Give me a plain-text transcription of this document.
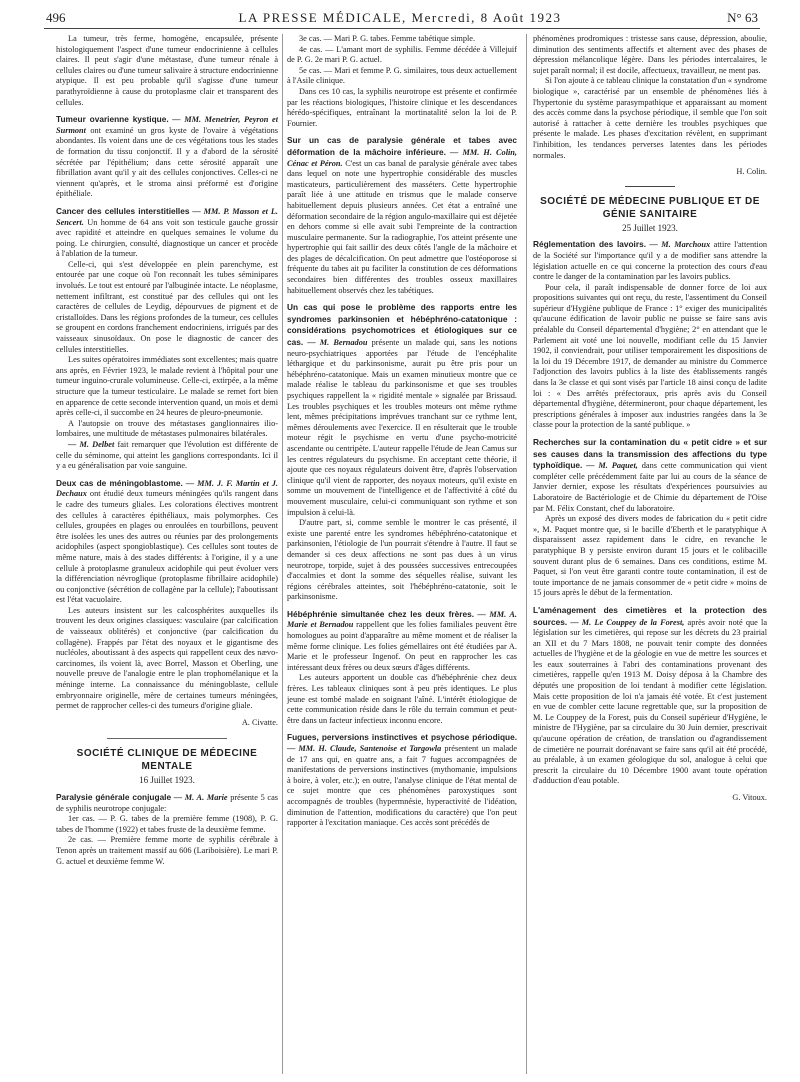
496	LA PRESSE MÉDICALE, Mercredi, 8 Août 1923	N° 63

La tumeur, très ferme, homogène, encapsulée, présente histologiquement l'aspect d'une tumeur endocrinienne à cellules claires. Il peut s'agir d'une métastase, d'une tumeur rénale à cellules claires ou d'une tumeur salivaire à structure endocrinienne atypique. Il est peu probable qu'il s'agisse d'une tumeur parathyroïdienne à cause du protoplasme clair et transparent des cellules.

Tumeur ovarienne kystique. — MM. Menetrier, Peyron et Surmont ont examiné un gros kyste de l'ovaire à végétations abondantes. Ils voient dans une de ces végétations tous les stades de formation du tissu conjonctif. Il y a d'abord de la sérosité sécrétée par l'épithélium; dans cette sérosité apparaît une fibrillation avant qu'il y ait des cellules conjonctives. Celles-ci ne viennent qu'après, et le stroma ainsi préformé est d'origine épithéliale.

Cancer des cellules interstitielles — MM. P. Masson et L. Sencert. Un homme de 64 ans voit son testicule gauche grossir avec rapidité et atteindre en quelques semaines le volume du poing. Le chirurgien, consulté, diagnostique un cancer et procède à l'ablation de la tumeur.

Celle-ci, qui s'est développée en plein parenchyme, est entourée par une coque où l'on reconnaît les tubes séminipares involués. Le tout est entouré par l'albuginée intacte. Le néoplasme, nettement infiltrant, est constitué par des cellules qui ont les caractères de cellules de Leydig, dépourvues de pigment et de cristalloïdes. Dans les régions profondes de la tumeur, ces cellules se groupent en cordons franchement endocriniens, irrigués par des vaisseaux sinusoïdaux. On pose le diagnostic de cancer des cellules interstitielles.

Les suites opératoires immédiates sont excellentes; mais quatre ans après, en Février 1923, le malade revient à l'hôpital pour une tumeur inguino-crurale volumineuse. Celle-ci, extirpée, a la même structure que la tumeur testiculaire. Le malade se remet fort bien en apparence de cette seconde intervention quand, un mois et demi après celle-ci, il succombe en 24 heures de pleuro-pneumonie.

A l'autopsie on trouve des métastases ganglionnaires ilio-lombaires, une multitude de métastases pulmonaires bilatérales.

— M. Delbet fait remarquer que l'évolution est différente de celle du séminome, qui atteint les ganglions correspondants. Ici il y a eu généralisation par voie sanguine.

Deux cas de méningoblastome. — MM. J. F. Martin et J. Dechaux ont étudié deux tumeurs méningées qu'ils rangent dans le cadre des tumeurs gliales. Les colorations électives montrent des cellules à caractères épithéliaux, mais polymorphes. Ces cellules, groupées en plages ou enroulées en tourbillons, peuvent être isolées les unes des autres ou réunies par des prolongements acidophiles (aspect spongioblastique). Ces cellules sont toutes de même nature, mais à des stades différents: à l'origine, il y a une cellule à protoplasme granuleux acidophile qui peut évoluer vers la différenciation névroglique (protoplasme fibrillaire acidophile) ou conjonctive (sécrétion de collagène par la cellule); l'aboutissant est l'état vacuolaire.

Les auteurs insistent sur les calcosphérites auxquelles ils trouvent les deux origines classiques: vasculaire (par calcification de vaisseaux oblitérés) et conjonctive (par calcification du collagène). Frappés par l'état des noyaux et le gigantisme des nucléoles, aboutissant à des aspects qui rappellent ceux des nævo-carcinomes, ils voient là, avec Borrel, Masson et Oberling, une nouvelle preuve de l'analogie entre le plan trophomélanique et la méninge interne. La connaissance du méningoblaste, cellule embryonnaire originelle, mère de certaines tumeurs méningées, permet de rapprocher celles-ci des tumeurs d'origine gliale.

A. Civatte.

SOCIÉTÉ CLINIQUE DE MÉDECINE MENTALE

16 Juillet 1923.

Paralysie générale conjugale — M. A. Marie présente 5 cas de syphilis neurotrope conjugale:

1er cas. — P. G. tabes de la première femme (1908), P. G. tabes de l'homme (1922) et tabes fruste de la deuxième femme.

2e cas. — Première femme morte de syphilis cérébrale à Tenon après un traitement massif au 606 (Lariboisière). Le mari P. G. actuel et deuxième femme W.

3e cas. — Mari P. G. tabes. Femme tabétique simple.

4e cas. — L'amant mort de syphilis. Femme décédée à Villejuif de P. G. 2e mari P. G. actuel.

5e cas. — Mari et femme P. G. similaires, tous deux actuellement à l'Asile clinique.

Dans ces 10 cas, la syphilis neurotrope est présente et confirmée par les réactions biologiques, l'histoire clinique et les descendances hérédo-spécifiques, entraînant la mortinatalité selon la loi de P. Fournier.

Sur un cas de paralysie générale et tabes avec déformation de la mâchoire inférieure. — MM. H. Colin, Cénac et Péron. C'est un cas banal de paralysie générale avec tabes dans lequel on note une hypertrophie considérable des muscles masticateurs, particulièrement des masséters. Cette hypertrophie paraît liée à une attitude en trismus que le malade conserve habituellement depuis plusieurs années. Cet état a entraîné une déformation secondaire de la région angulo-maxillaire qui est déjetée en dehors comme si elle avait subi l'empreinte de la contraction musculaire permanente. Sur la radiographie, l'os atteint présente une hypertrophie qui fait saillir des deux côtés l'angle de la mâchoire et des plages de décalcification. On peut admettre que l'ostéoporose si fréquente du tabes ait pu faciliter la constitution de ces déformations secondaires bien différentes des troubles osseux maxillaires habituellement observés chez les tabétiques.

Un cas qui pose le problème des rapports entre les syndromes parkinsonien et hébéphréno-catatonique : considérations psychomotrices et étiologiques sur ce cas. — M. Bernadou présente un malade qui, sans les notions neuro-psychiatriques apportées par l'étude de l'encéphalite léthargique et du parkinsonisme, aurait pu être pris pour un hébéphréno-catatonique. Mais un examen minutieux montre que ce malade réalise le tableau du parkinsonisme et que ses troubles psychiques rappellent la « rigidité mentale » signalée par Brissaud. Les troubles psychiques et les troubles moteurs ont même rythme lent, mêmes précipitations imprévues tranchant sur ce rythme lent, mêmes déroulements avec l'exercice. Il en résulterait que le trouble moteur régit le psychisme en vertu d'une psycho-motricité ascendante ou centripète. L'auteur rappelle l'étude de Jean Camus sur les centres régulateurs du psychisme. En acceptant cette théorie, il ajoute que ces noyaux régulateurs doivent être, d'après l'observation clinique qu'il vient de rapporter, des noyaux moteurs, qu'il existe en somme un mouvement de l'intelligence et de l'affectivité à côté du mouvement musculaire, celui-ci communiquant son rythme et son impulsion à celui-là.

D'autre part, si, comme semble le montrer le cas présenté, il existe une parenté entre les syndromes hébéphréno-catatonique et parkinsonien, l'étiologie de l'un pourrait s'étendre à l'autre. Il faut se demander si ces deux affections ne sont pas dues à un virus neurotrope, torpide, sujet à des poussées successives entrecoupées d'accalmies et dont la somme des séquelles réalise, suivant les régions cérébrales atteintes, soit l'hébéphréno-catatonie, soit le parkinsonisme.

Hébéphrénie simultanée chez les deux frères. — MM. A. Marie et Bernadou rappellent que les folies familiales peuvent être homologues au point d'apparaître au même moment et de réaliser la même forme clinique. Les folies gémellaires ont été étudiées par A. Marie et le professeur Ingenof. On peut en rapprocher les cas intéressant deux frères ou deux sœurs d'âges différents.

Les auteurs apportent un double cas d'hébéphrénie chez deux frères. Les tableaux cliniques sont à peu près identiques. Le plus jeune est tombé malade en soignant l'aîné. L'intérêt étiologique de cette communication réside dans le rôle du terrain commun et peut-être dans un facteur infectieux inconnu encore.

Fugues, perversions instinctives et psychose périodique. — MM. H. Claude, Santenoise et Targowla présentent un malade de 17 ans qui, en quatre ans, a fait 7 fugues accompagnées de manifestations de perversions instinctives (mythomanie, impulsions à boire, à voler, etc.); en outre, l'analyse clinique de l'état mental de ce sujet montre que ces phénomènes paroxystiques sont accompagnés de troubles (hypermnésie, hyperactivité de l'idéation, diminution de l'attention, modifications du caractère) que l'on peut rapporter à l'excitation maniaque. Ces accès sont précédés de

phénomènes prodromiques : tristesse sans cause, dépression, aboulie, diminution des sentiments affectifs et alternent avec des phases de dépression mélancolique légère. Dans les périodes intercalaires, le sujet paraît normal; il est docile, affectueux, travailleur, ne ment pas.

Si l'on ajoute à ce tableau clinique la constatation d'un « syndrome biologique », caractérisé par un ensemble de phénomènes liés à l'hypertonie du système parasympathique et apparaissant au moment des accès comme dans la psychose périodique, il semble que l'on soit autorisé à rattacher à cette dernière les troubles psychiques que présente le malade. Les phases d'excitation révèlent, en supprimant l'inhibition, les tendances perverses latentes dans les périodes normales.

H. Colin.

SOCIÉTÉ DE MÉDECINE PUBLIQUE ET DE GÉNIE SANITAIRE

25 Juillet 1923.

Réglementation des lavoirs. — M. Marchoux attire l'attention de la Société sur l'importance qu'il y a de modifier sans attendre la législation actuelle en ce qui concerne la protection des cours d'eau contre le danger de la contamination par les lavoirs publics.

Pour cela, il paraît indispensable de donner force de loi aux propositions suivantes qui ont reçu, du reste, l'assentiment du Conseil supérieur d'Hygiène publique de France : 1° exiger des municipalités qu'aucune édification de lavoir public ne puisse se faire sans avis préalable du Conseil départemental d'hygiène; 2° en attendant que le Parlement ait voté une loi nouvelle, modifiant celle du 15 Janvier 1902, il conviendrait, pour utiliser temporairement les dispositions de la loi du 19 Décembre 1917, de demander au ministre du Commerce l'adjonction des lavoirs publics à la liste des établissements rangés dans la 3e classe et qui sont visés par l'article 18 ainsi conçu de ladite loi : « Des arrêtés préfectoraux, pris après avis du Conseil départemental d'hygiène, détermineront, pour chaque département, les prescriptions générales à imposer aux industries rangées dans la 3e classe pour la protection de la santé publique. »

Recherches sur la contamination du « petit cidre » et sur ses causes dans la transmission des affections du type typhoïdique. — M. Paquet, dans cette communication qui vient compléter celle précédemment faite par lui au cours de la séance de Janvier dernier, expose les résultats d'expériences poursuivies au Laboratoire de Bactériologie et de Chimie du département de l'Oise par M. Félix Constant, chef du laboratoire.

Après un exposé des divers modes de fabrication du « petit cidre », M. Paquet montre que, si le bacille d'Eberth et le paratyphique A disparaissent assez rapidement dans le cidre, en revanche le paratyphique B y persiste environ durant 15 jours et le colibacille souvent durant plus de 6 semaines. Dans ces conditions, estime M. Paquet, si l'on veut être garanti contre toute contamination, il est de toute importance de ne jamais consommer de « petit cidre » moins de 15 jours après le début de la fermentation.

L'aménagement des cimetières et la protection des sources. — M. Le Couppey de la Forest, après avoir noté que la législation sur les cimetières, qui repose sur les décrets du 23 prairial an XII et du 7 Mars 1808, ne pouvait tenir compte des données actuelles de l'hygiène et de la géologie en vue de mettre les sources et les eaux souterraines à l'abri des contaminations provenant des cimetières, rappelle qu'en 1913 M. Doisy déposa à la Chambre des députés une proposition de loi tendant à modifier cette législation. Mais cette proposition de loi n'a jamais été votée. Et c'est justement en vue de combler cette lacune regrettable que, sur la proposition de M. Le Couppey de la Forest, puis du Conseil supérieur d'Hygiène, le ministre de l'Hygiène, par sa circulaire du 30 Juin dernier, prescrivait qu'aucune opération de création, de translation ou d'agrandissement de cimetière ne pourrait dorénavant se faire sans qu'il ait été procédé, au préalable, à un examen géologique du sol, analogue à celui que prescrit la circulaire du 10 Décembre 1900 avant toute opération d'adduction d'eau potable.

G. Vitoux.
